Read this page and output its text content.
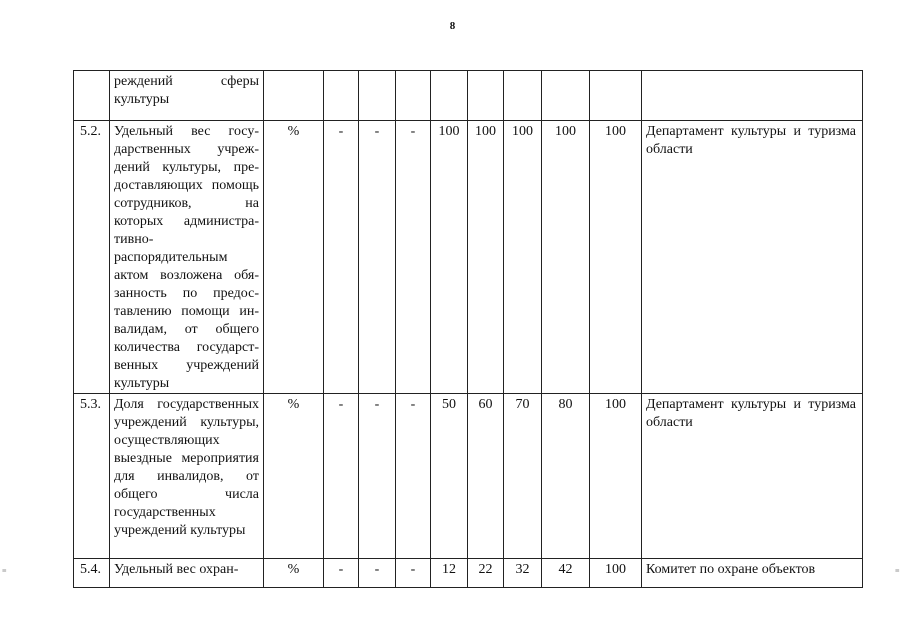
8
≡	≡
	реждений сферы культуры										
5.2.	Удельный вес государственных учреждений культуры, предоставляющих помощь сотрудников, на которых административно-распорядительным актом возложена обязанность по предоставлению помощи инвалидам, от общего количества государственных учреждений культуры	%	-	-	-	100	100	100	100	100	Департамент культуры и туризма области
5.3.	Доля государственных учреждений культуры, осуществляющих выездные мероприятия для инвалидов, от общего числа государственных учреждений культуры	%	-	-	-	50	60	70	80	100	Департамент культуры и туризма области
5.4.	Удельный вес охран-	%	-	-	-	12	22	32	42	100	Комитет по охране объектов
